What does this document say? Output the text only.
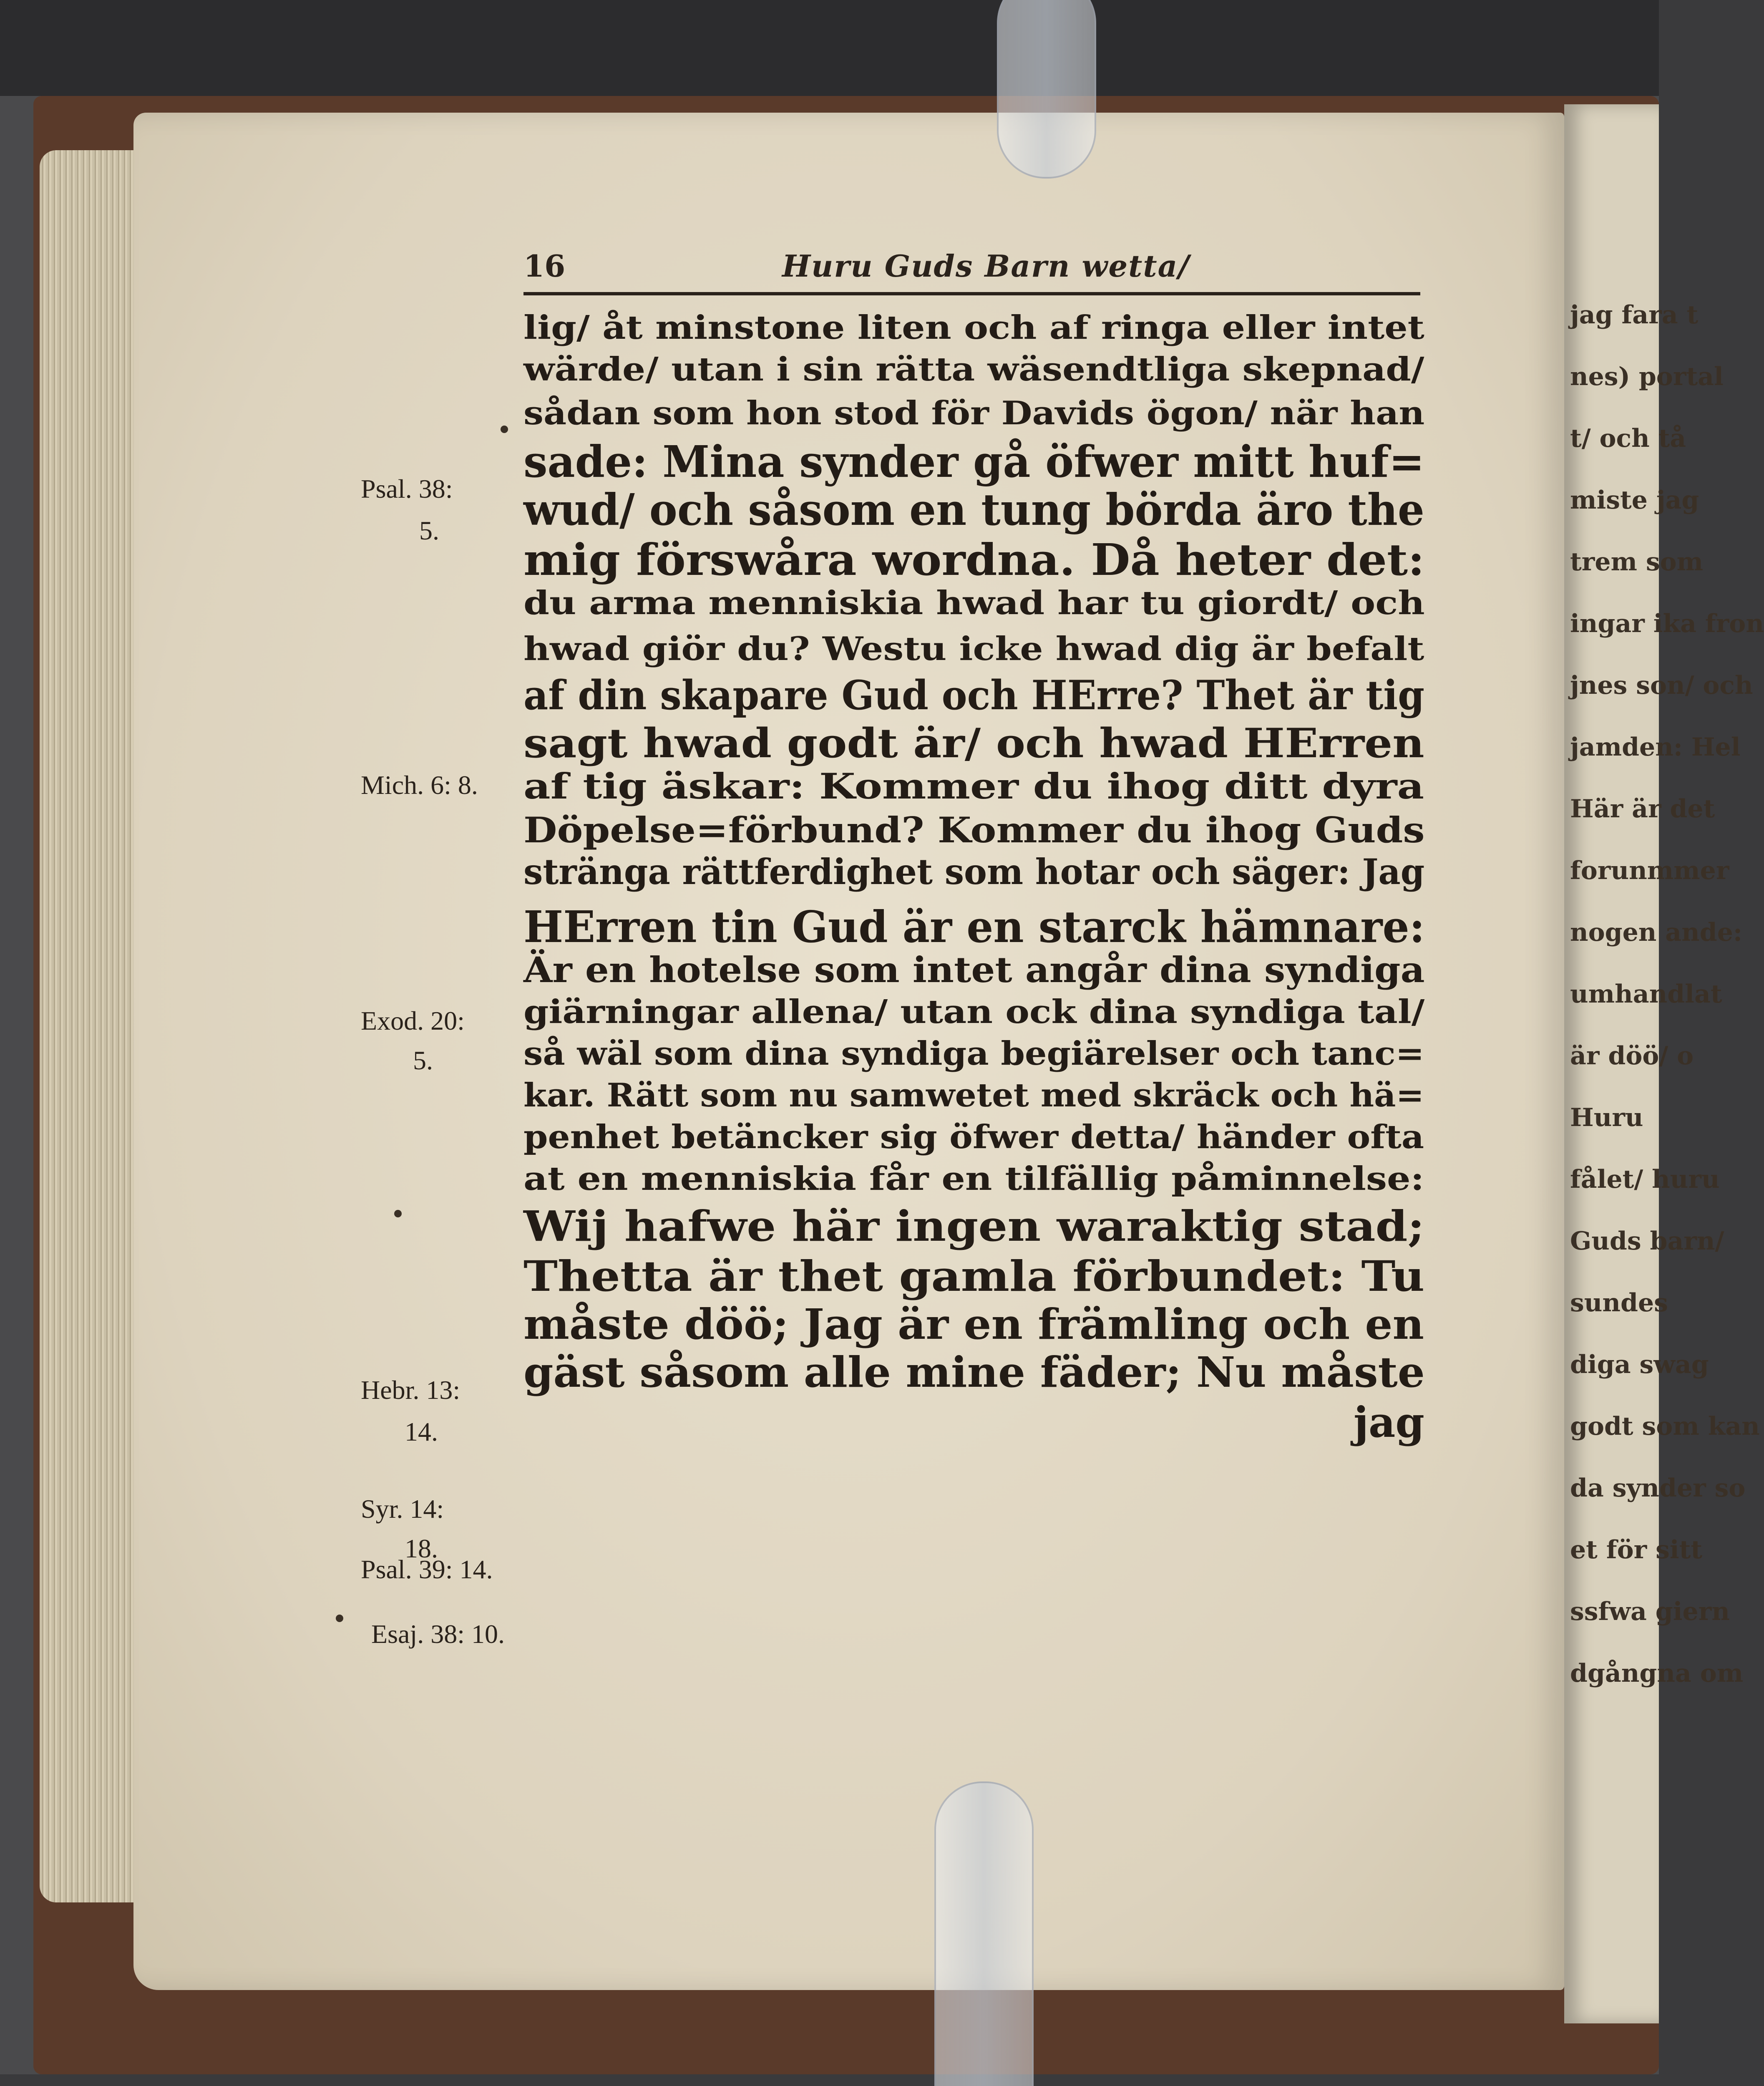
jag fara t
nes) portal
t/ och tå
miste jag
trem som
ingar ika fron
jnes son/ och
jamden: Hel
Här är det
forunmmer
nogen ande:
umhandlat
är döö/ o
Huru
fålet/ huru
Guds barn/
sundes
diga swag
godt som kan
da synder so
et för sitt
ssfwa giern
dgångna om
16	Huru Guds Barn wetta/
lig/ åt minstone liten och af ringa eller intet
wärde/ utan i sin rätta wäsendtliga skepnad/
sådan som hon stod för Davids ögon/ när han
sade: Mina synder gå öfwer mitt huf=
wud/ och såsom en tung börda äro the
mig förswåra wordna. Då heter det:
du arma menniskia hwad har tu giordt/ och
hwad giör du? Westu icke hwad dig är befalt
af din skapare Gud och HErre? Thet är tig
sagt hwad godt är/ och hwad HErren
af tig äskar: Kommer du ihog ditt dyra
Döpelse=förbund? Kommer du ihog Guds
stränga rättferdighet som hotar och säger: Jag
HErren tin Gud är en starck hämnare:
Är en hotelse som intet angår dina syndiga
giärningar allena/ utan ock dina syndiga tal/
så wäl som dina syndiga begiärelser och tanc=
kar. Rätt som nu samwetet med skräck och hä=
penhet betäncker sig öfwer detta/ händer ofta
at en menniskia får en tilfällig påminnelse:
Wij hafwe här ingen waraktig stad;
Thetta är thet gamla förbundet: Tu
måste döö; Jag är en främling och en
gäst såsom alle mine fäder; Nu måste
jag
Psal. 38:
5.
Mich. 6: 8.
Exod. 20:
5.
Hebr. 13:
14.
Syr. 14:
18.
Psal. 39: 14.
Esaj. 38: 10.
